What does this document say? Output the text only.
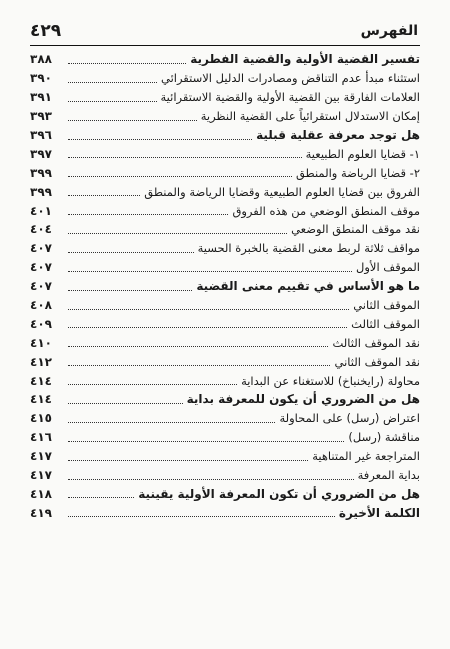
٤٢٩	الفهرس
تفسير القضية الأولية والقضية الفطرية
٣٨٨
استثناء مبدأ عدم التناقض ومصادرات الدليل الاستقرائي
٣٩٠
العلامات الفارقة بين القضية الأولية والقضية الاستقرائية
٣٩١
إمكان الاستدلال استقرائياً على القضية النظرية
٣٩٣
هل توجد معرفة عقلية قبلية
٣٩٦
١- قضايا العلوم الطبيعية
٣٩٧
٢- قضايا الرياضة والمنطق
٣٩٩
الفروق بين قضايا العلوم الطبيعية وقضايا الرياضة والمنطق
٣٩٩
موقف المنطق الوضعي من هذه الفروق
٤٠١
نقد موقف المنطق الوضعي
٤٠٤
مواقف ثلاثة لربط معنى القضية بالخبرة الحسية
٤٠٧
الموقف الأول
٤٠٧
ما هو الأساس في تقييم معنى القضية
٤٠٧
الموقف الثاني
٤٠٨
الموقف الثالث
٤٠٩
نقد الموقف الثالث
٤١٠
نقد الموقف الثاني
٤١٢
محاولة (رايخنباخ) للاستغناء عن البداية
٤١٤
هل من الضروري أن يكون للمعرفة بداية
٤١٤
اعتراض (رسل) على المحاولة
٤١٥
مناقشة (رسل)
٤١٦
المتراجعة غير المتناهية
٤١٧
بداية المعرفة
٤١٧
هل من الضروري أن تكون المعرفة الأولية يقينية
٤١٨
الكلمة الأخيرة
٤١٩
